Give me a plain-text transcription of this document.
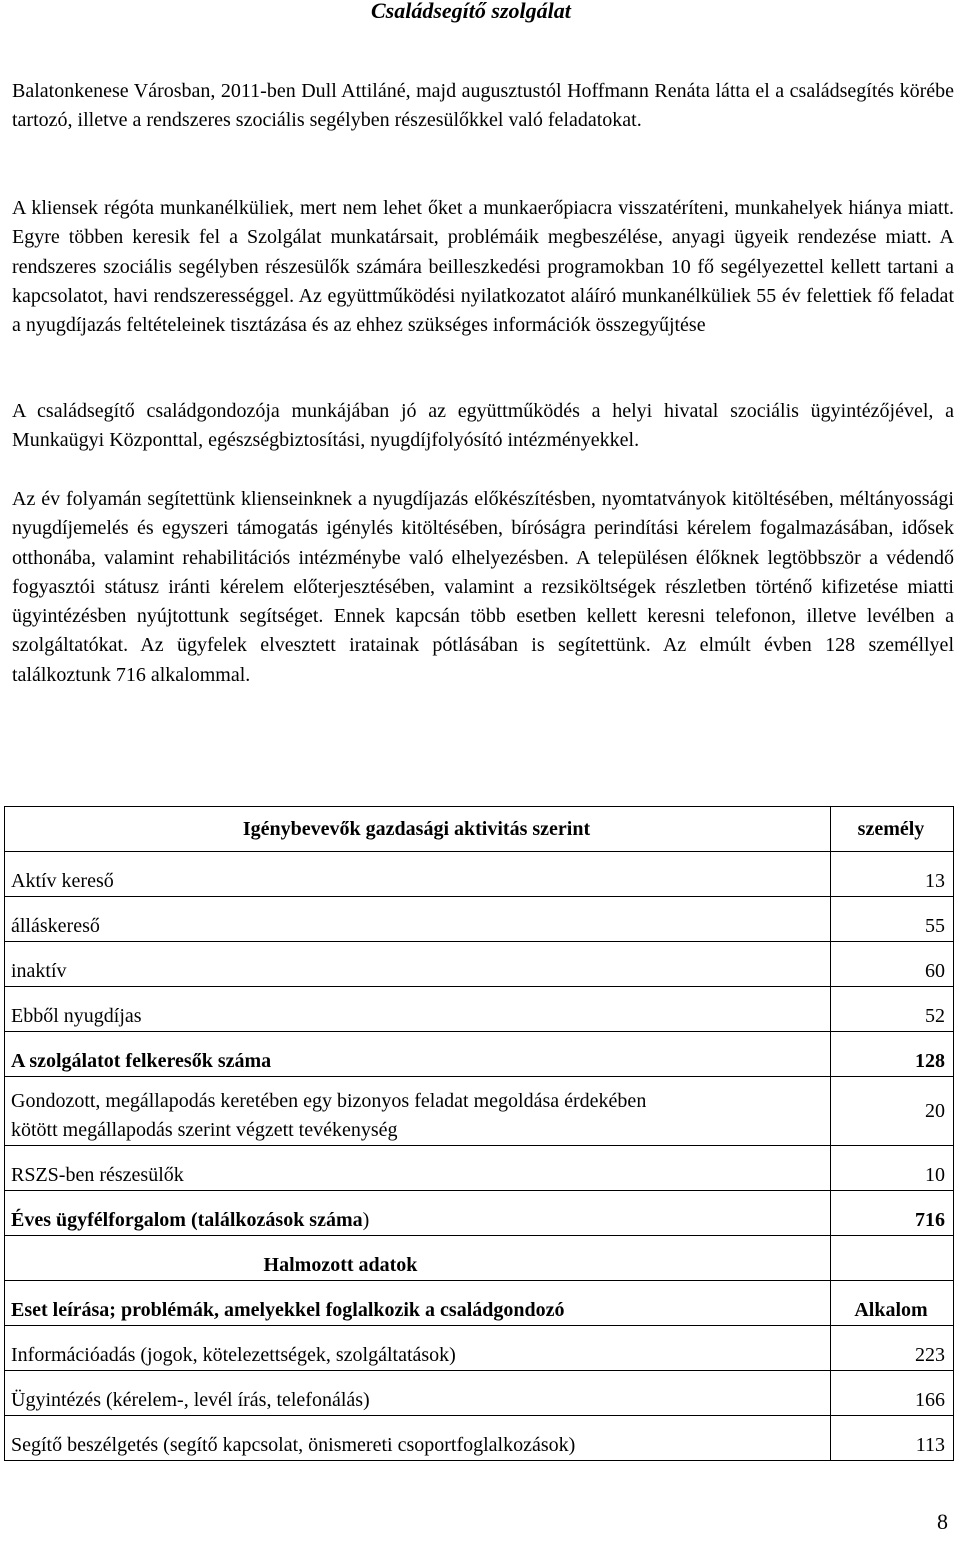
Családsegítő szolgálat

Balatonkenese Városban, 2011-ben Dull Attiláné, majd augusztustól Hoffmann Renáta látta el a családsegítés körébe tartozó, illetve a rendszeres szociális segélyben részesülőkkel való feladatokat.

A kliensek régóta munkanélküliek, mert nem lehet őket a munkaerőpiacra visszatéríteni, munkahelyek hiánya miatt. Egyre többen keresik fel a Szolgálat munkatársait, problémáik megbeszélése, anyagi ügyeik rendezése miatt. A rendszeres szociális segélyben részesülők számára beilleszkedési programokban 10 fő segélyezettel kellett tartani a kapcsolatot, havi rendszerességgel. Az együttműködési nyilatkozatot aláíró munkanélküliek 55 év felettiek fő feladat a nyugdíjazás feltételeinek tisztázása és az ehhez szükséges információk összegyűjtése

A családsegítő családgondozója munkájában jó az együttműködés a helyi hivatal szociális ügyintézőjével, a Munkaügyi Központtal, egészségbiztosítási, nyugdíjfolyósító intézményekkel.

Az év folyamán segítettünk klienseinknek a nyugdíjazás előkészítésben, nyomtatványok kitöltésében, méltányossági nyugdíjemelés és egyszeri támogatás igénylés kitöltésében, bíróságra perindítási kérelem fogalmazásában, idősek otthonába, valamint rehabilitációs intézménybe való elhelyezésben. A településen élőknek legtöbbször a védendő fogyasztói státusz iránti kérelem előterjesztésében, valamint a rezsiköltségek részletben történő kifizetése miatti ügyintézésben nyújtottunk segítséget. Ennek kapcsán több esetben kellett keresni telefonon, illetve levélben a szolgáltatókat. Az ügyfelek elvesztett iratainak pótlásában is segítettünk. Az elmúlt évben 128 személlyel találkoztunk 716 alkalommal.

Igénybevevők gazdasági aktivitás szerint	személy
Aktív kereső	13
álláskereső	55
inaktív	60
Ebből nyugdíjas	52
A szolgálatot felkeresők száma	128
Gondozott, megállapodás keretében egy bizonyos feladat megoldása érdekében kötött megállapodás szerint végzett tevékenység	20
RSZS-ben részesülők	10
Éves ügyfélforgalom (találkozások száma)	716
Halmozott adatok	
Eset leírása; problémák, amelyekkel foglalkozik a családgondozó	Alkalom
Információadás (jogok, kötelezettségek, szolgáltatások)	223
Ügyintézés (kérelem-, levél írás, telefonálás)	166
Segítő beszélgetés (segítő kapcsolat, önismereti csoportfoglalkozások)	113
8
